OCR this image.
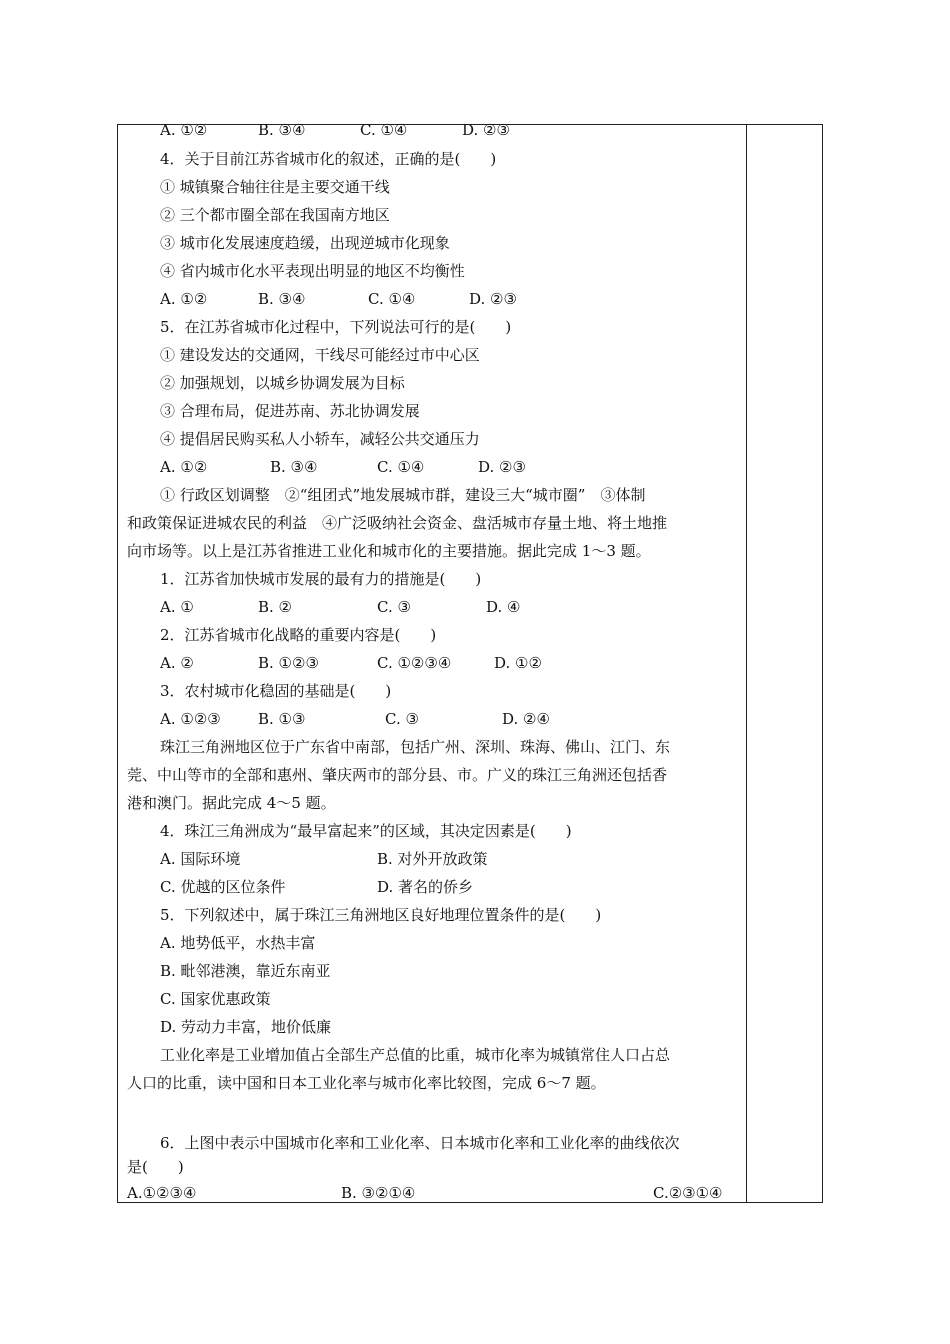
A. ①②	B. ③④	C. ①④	D. ②③
4．关于目前江苏省城市化的叙述，正确的是(　　)
① 城镇聚合轴往往是主要交通干线
② 三个都市圈全部在我国南方地区
③ 城市化发展速度趋缓，出现逆城市化现象
④ 省内城市化水平表现出明显的地区不均衡性
A. ①②	B. ③④	C. ①④	D. ②③
5．在江苏省城市化过程中，下列说法可行的是(　　)
① 建设发达的交通网，干线尽可能经过市中心区
② 加强规划，以城乡协调发展为目标
③ 合理布局，促进苏南、苏北协调发展
④ 提倡居民购买私人小轿车，减轻公共交通压力
A. ①②	B. ③④	C. ①④	D. ②③
① 行政区划调整　②“组团式”地发展城市群，建设三大“城市圈”　③体制
和政策保证进城农民的利益　④广泛吸纳社会资金、盘活城市存量土地、将土地推
向市场等。以上是江苏省推进工业化和城市化的主要措施。据此完成 1～3 题。
1．江苏省加快城市发展的最有力的措施是(　　)
A. ①	B. ②	C. ③	D. ④
2．江苏省城市化战略的重要内容是(　　)
A. ②	B. ①②③	C. ①②③④	D. ①②
3．农村城市化稳固的基础是(　　)
A. ①②③ B. ①③	C. ③	D. ②④
珠江三角洲地区位于广东省中南部，包括广州、深圳、珠海、佛山、江门、东
莞、中山等市的全部和惠州、肇庆两市的部分县、市。广义的珠江三角洲还包括香
港和澳门。据此完成 4～5 题。
4．珠江三角洲成为“最早富起来”的区域，其决定因素是(　　)
A. 国际环境	B. 对外开放政策
C. 优越的区位条件	D. 著名的侨乡
5．下列叙述中，属于珠江三角洲地区良好地理位置条件的是(　　)
A. 地势低平，水热丰富
B. 毗邻港澳，靠近东南亚
C. 国家优惠政策
D. 劳动力丰富，地价低廉
工业化率是工业增加值占全部生产总值的比重，城市化率为城镇常住人口占总
人口的比重，读中国和日本工业化率与城市化率比较图，完成 6～7 题。
6．上图中表示中国城市化率和工业化率、日本城市化率和工业化率的曲线依次
是(　　)
A.①②③④	B. ③②①④	C.②③①④
